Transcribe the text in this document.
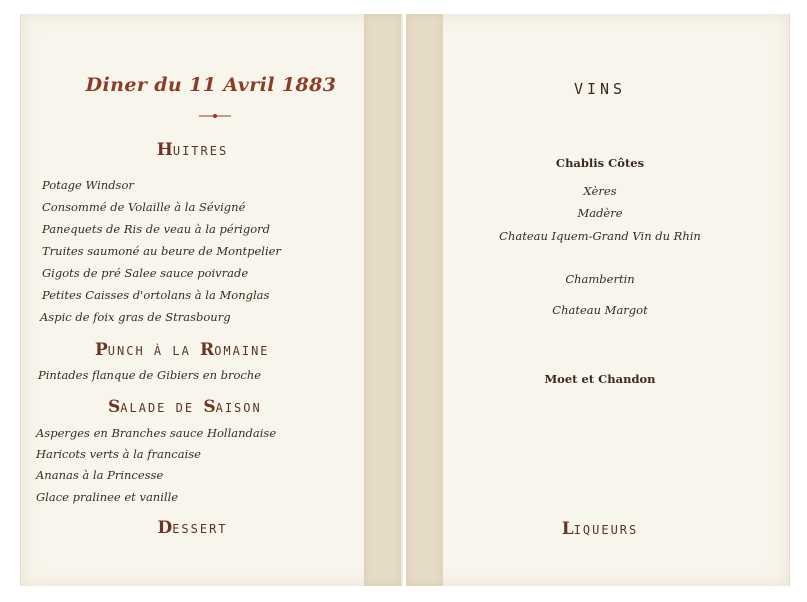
Diner du 11 Avril 1883
HUITRES
Potage Windsor
Consommé de Volaille à la Sévigné
Panequets de Ris de veau à la périgord
Truites saumoné au beure de Montpelier
Gigots de pré Salee sauce poivrade
Petites Caisses d'ortolans à la Monglas
Aspic de foix gras de Strasbourg
PUNCH À LA ROMAINE
Pintades flanque de Gibiers en broche
SALADE DE SAISON
Asperges en Branches sauce Hollandaise
Haricots verts à la francaise
Ananas à la Princesse
Glace pralinee et vanille
DESSERT
VINS
Chablis Côtes
Xères
Madère
Chateau Iquem-Grand Vin du Rhin
Chambertin
Chateau Margot
Moet et Chandon
LIQUEURS
